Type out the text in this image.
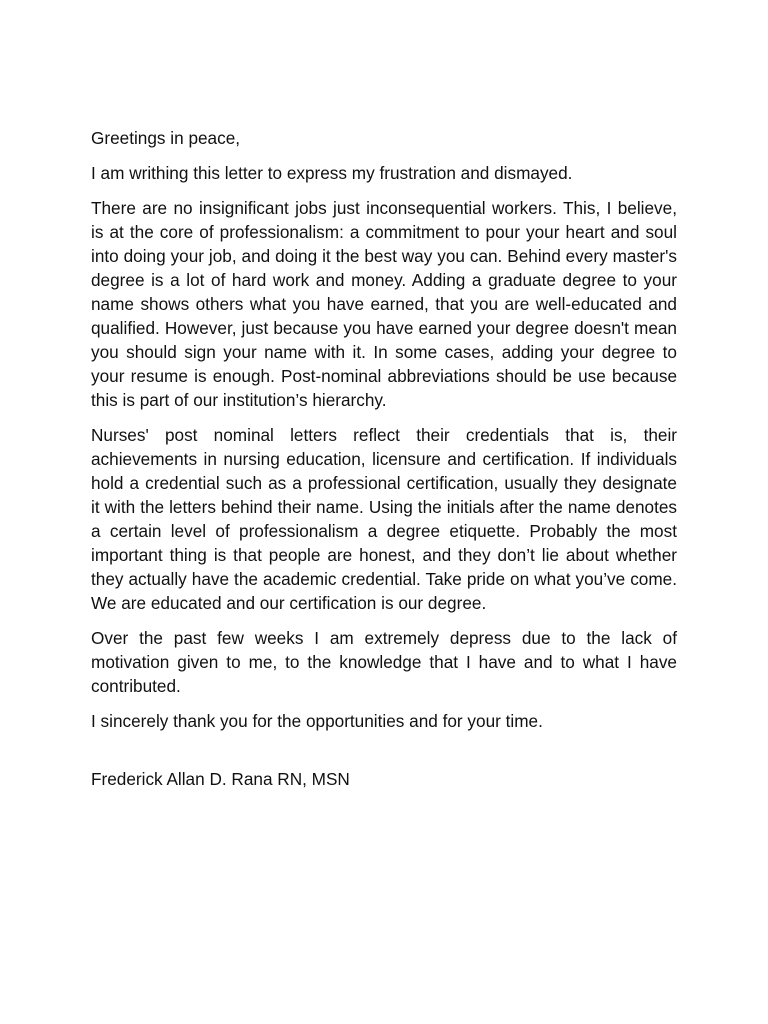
Greetings in peace,

I am writhing this letter to express my frustration and dismayed.

There are no insignificant jobs just inconsequential workers. This, I believe, is at the core of professionalism: a commitment to pour your heart and soul into doing your job, and doing it the best way you can. Behind every master's degree is a lot of hard work and money. Adding a graduate degree to your name shows others what you have earned, that you are well-educated and qualified. However, just because you have earned your degree doesn't mean you should sign your name with it. In some cases, adding your degree to your resume is enough. Post-nominal abbreviations should be use because this is part of our institution’s hierarchy.

Nurses' post nominal letters reflect their credentials that is, their achievements in nursing education, licensure and certification. If individuals hold a credential such as a professional certification, usually they designate it with the letters behind their name. Using the initials after the name denotes a certain level of professionalism a degree etiquette. Probably the most important thing is that people are honest, and they don’t lie about whether they actually have the academic credential. Take pride on what you’ve come. We are educated and our certification is our degree.

Over the past few weeks I am extremely depress due to the lack of motivation given to me, to the knowledge that I have and to what I have contributed.

I sincerely thank you for the opportunities and for your time.

Frederick Allan D. Rana RN, MSN
